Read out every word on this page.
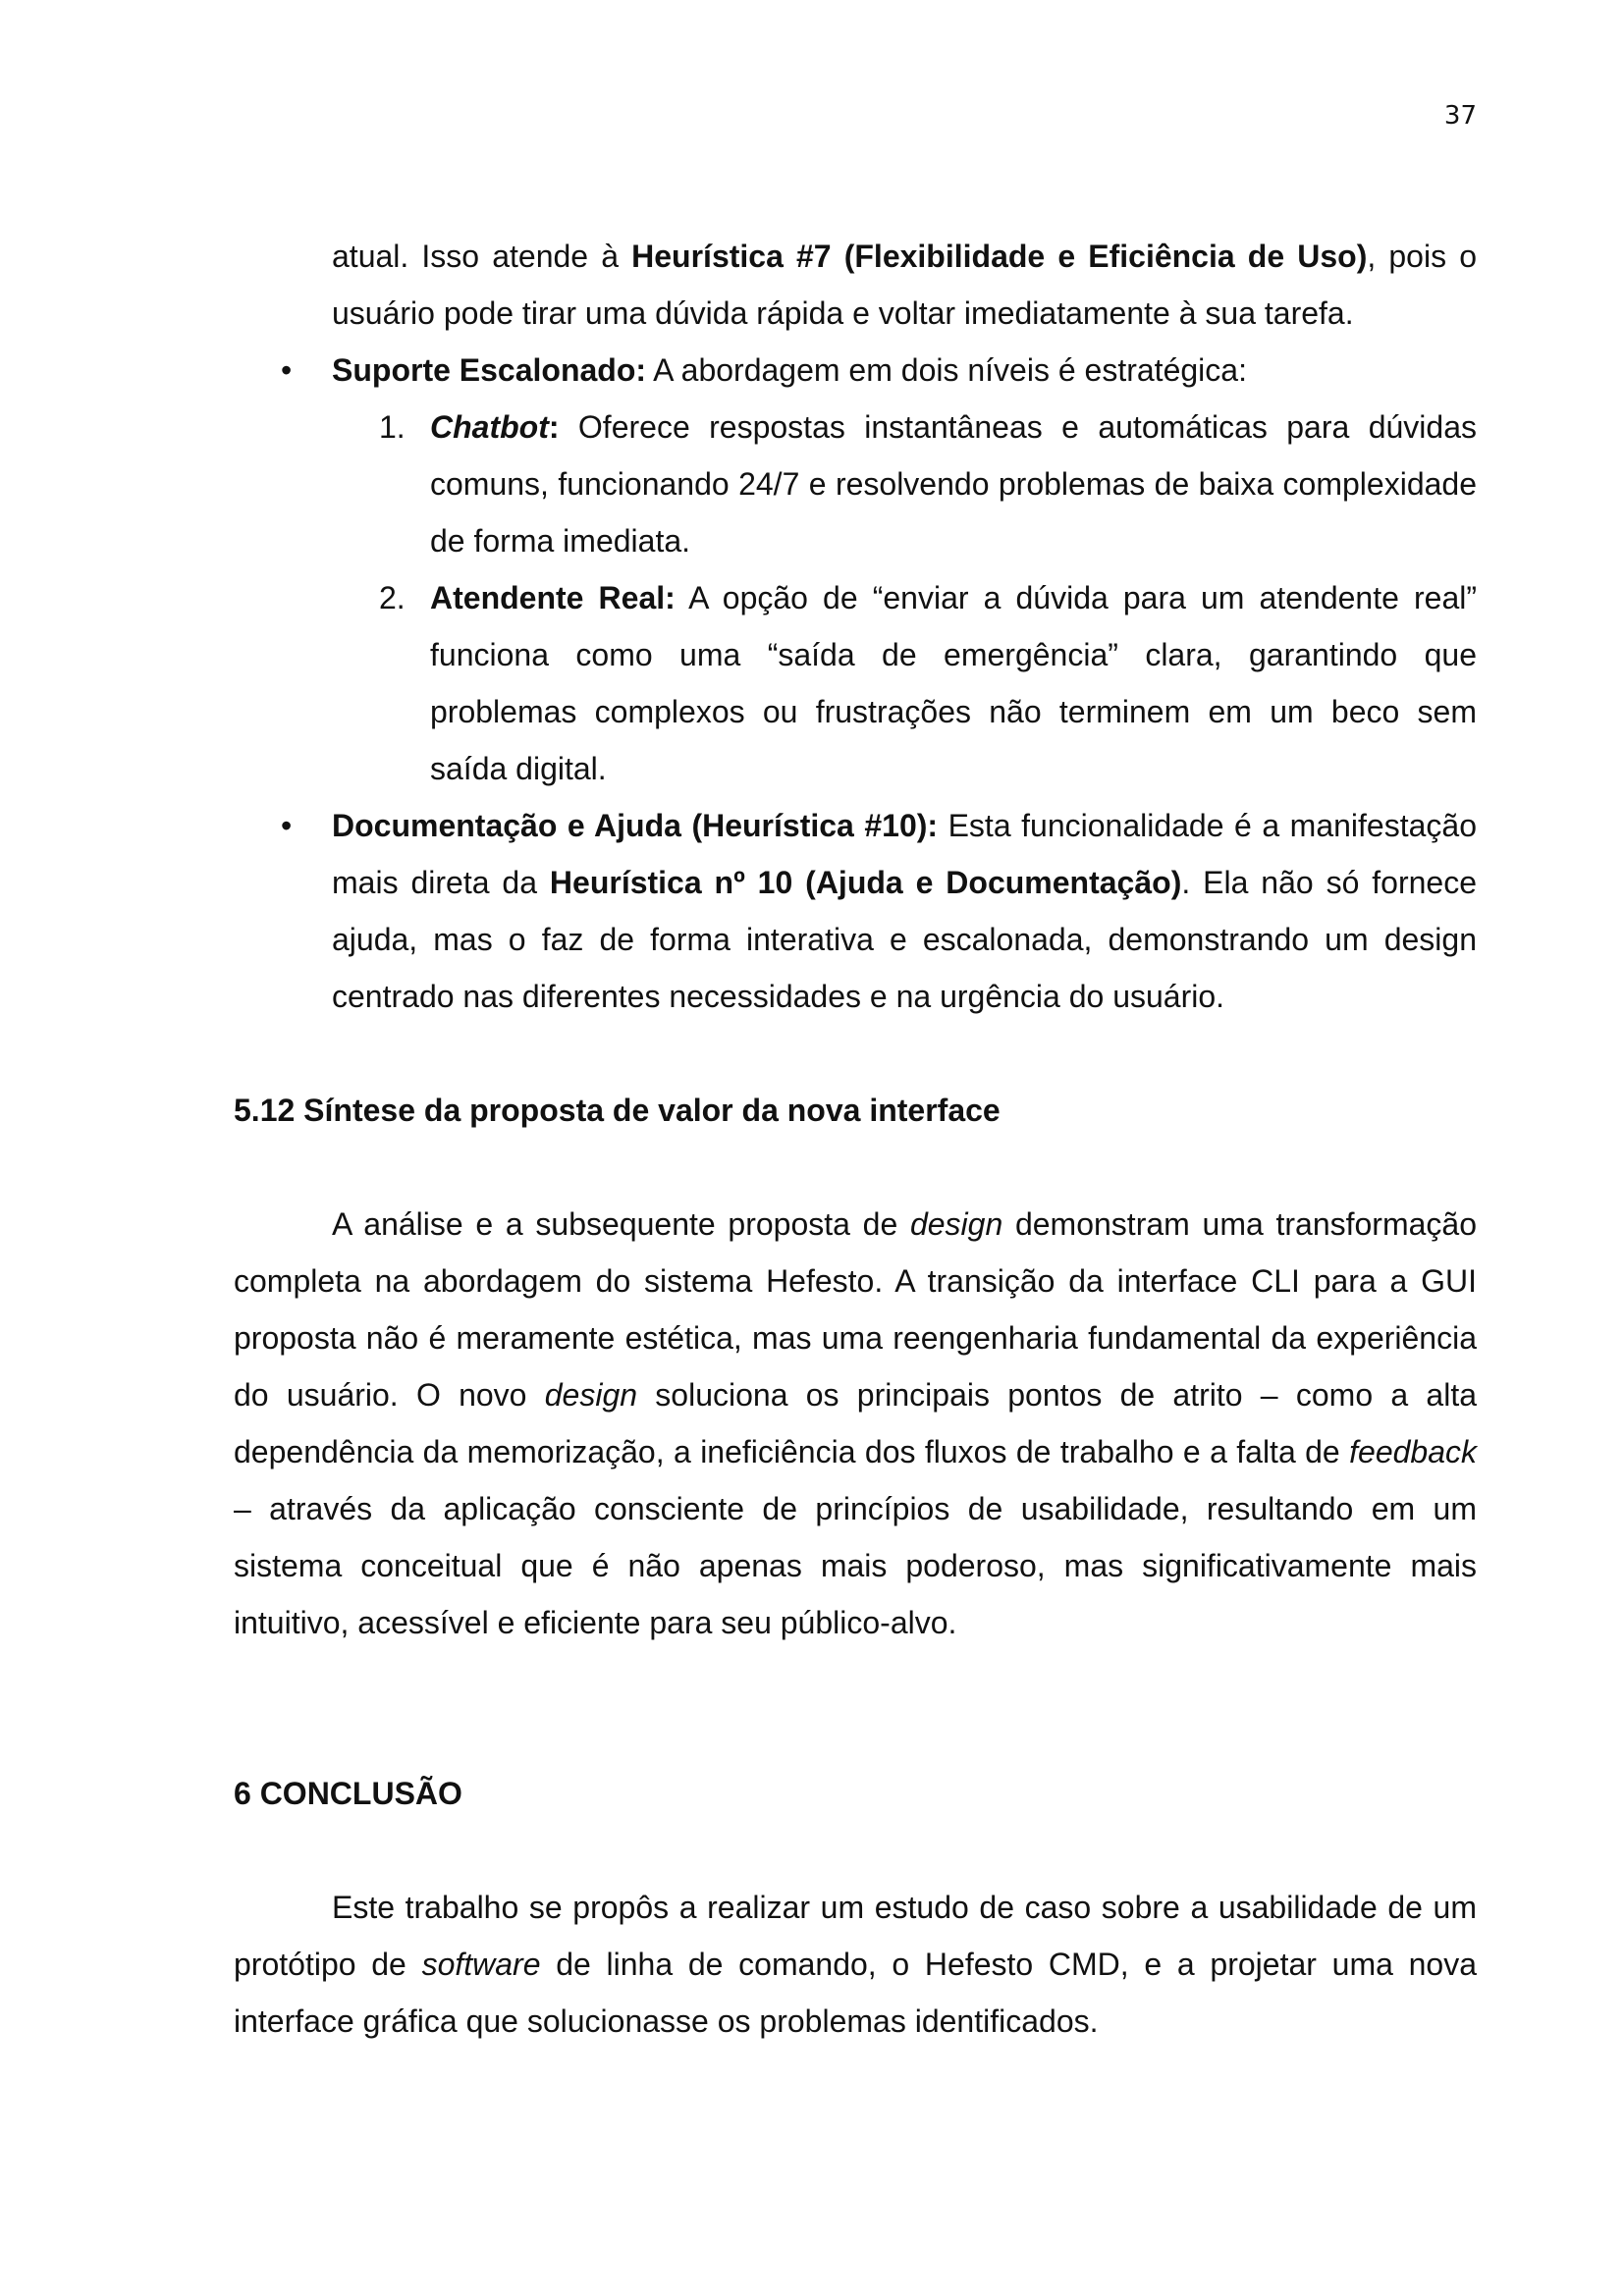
37

atual. Isso atende à Heurística #7 (Flexibilidade e Eficiência de Uso), pois o usuário pode tirar uma dúvida rápida e voltar imediatamente à sua tarefa.

• Suporte Escalonado: A abordagem em dois níveis é estratégica:

1. Chatbot: Oferece respostas instantâneas e automáticas para dúvidas comuns, funcionando 24/7 e resolvendo problemas de baixa complexidade de forma imediata.

2. Atendente Real: A opção de “enviar a dúvida para um atendente real” funciona como uma “saída de emergência” clara, garantindo que problemas complexos ou frustrações não terminem em um beco sem saída digital.

• Documentação e Ajuda (Heurística #10): Esta funcionalidade é a manifestação mais direta da Heurística nº 10 (Ajuda e Documentação). Ela não só fornece ajuda, mas o faz de forma interativa e escalonada, demonstrando um design centrado nas diferentes necessidades e na urgência do usuário.

5.12 Síntese da proposta de valor da nova interface

A análise e a subsequente proposta de design demonstram uma transformação completa na abordagem do sistema Hefesto. A transição da interface CLI para a GUI proposta não é meramente estética, mas uma reengenharia fundamental da experiência do usuário. O novo design soluciona os principais pontos de atrito – como a alta dependência da memorização, a ineficiência dos fluxos de trabalho e a falta de feedback – através da aplicação consciente de princípios de usabilidade, resultando em um sistema conceitual que é não apenas mais poderoso, mas significativamente mais intuitivo, acessível e eficiente para seu público-alvo.

6 CONCLUSÃO

Este trabalho se propôs a realizar um estudo de caso sobre a usabilidade de um protótipo de software de linha de comando, o Hefesto CMD, e a projetar uma nova interface gráfica que solucionasse os problemas identificados.
